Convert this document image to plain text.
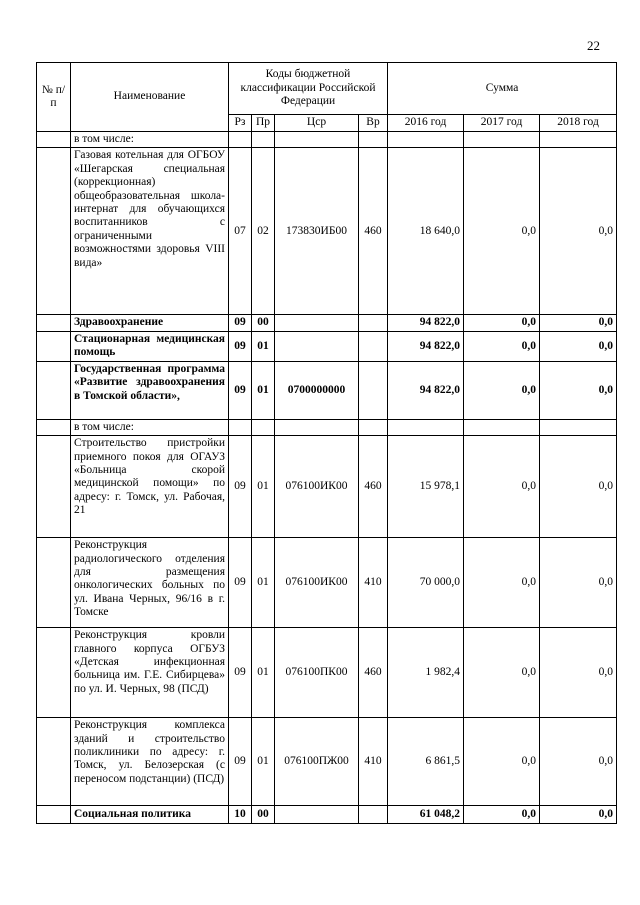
22
№ п/п	Наименование	Коды бюджетной классификации Российской Федерации				Сумма		
		Рз	Пр	Цср	Вр	2016 год	2017 год	2018 год
	в том числе:							
	Газовая котельная для ОГБОУ «Шегарская специальная (коррекционная) общеобразовательная школа-интернат для обучающихся воспитанников с ограниченными возможностями здоровья VIII вида»	07	02	173830ИБ00	460	18 640,0	0,0	0,0
	Здравоохранение	09	00			94 822,0	0,0	0,0
	Стационарная медицинская помощь	09	01			94 822,0	0,0	0,0
	Государственная программа «Развитие здравоохранения в Томской области»,	09	01	0700000000		94 822,0	0,0	0,0
	в том числе:							
	Строительство пристройки приемного покоя для ОГАУЗ «Больница скорой медицинской помощи» по адресу: г. Томск, ул. Рабочая, 21	09	01	076100ИК00	460	15 978,1	0,0	0,0
	Реконструкция радиологического отделения для размещения онкологических больных по ул. Ивана Черных, 96/16 в г. Томске	09	01	076100ИК00	410	70 000,0	0,0	0,0
	Реконструкция кровли главного корпуса ОГБУЗ «Детская инфекционная больница им. Г.Е. Сибирцева» по ул. И. Черных, 98 (ПСД)	09	01	076100ПК00	460	1 982,4	0,0	0,0
	Реконструкция комплекса зданий и строительство поликлиники по адресу: г. Томск, ул. Белозерская (с переносом подстанции) (ПСД)	09	01	076100ПЖ00	410	6 861,5	0,0	0,0
	Социальная политика	10	00			61 048,2	0,0	0,0
